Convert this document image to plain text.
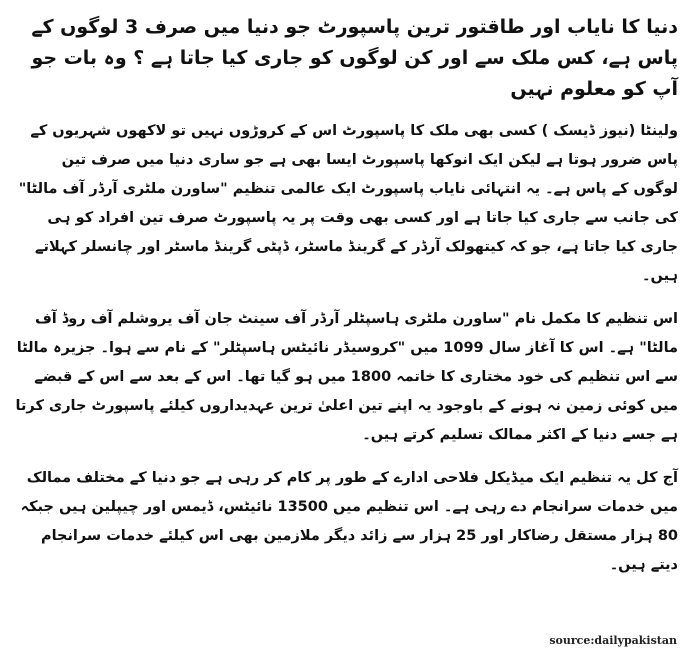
دنیا کا نایاب اور طاقتور ترین پاسپورٹ جو دنیا میں صرف 3 لوگوں کے پاس ہے، کس ملک سے اور کن لوگوں کو جاری کیا جاتا ہے ؟ وہ بات جو آپ کو معلوم نہیں

ولینٹا (نیوز ڈیسک ) کسی بھی ملک کا پاسپورٹ اس کے کروڑوں نہیں تو لاکھوں شہریوں کے پاس ضرور ہوتا ہے لیکن ایک انوکھا پاسپورٹ ایسا بھی ہے جو ساری دنیا میں صرف تین لوگوں کے پاس ہے۔ یہ انتہائی نایاب پاسپورٹ ایک عالمی تنظیم "ساورن ملٹری آرڈر آف مالٹا" کی جانب سے جاری کیا جاتا ہے اور کسی بھی وقت پر یہ پاسپورٹ صرف تین افراد کو ہی جاری کیا جاتا ہے، جو کہ کیتھولک آرڈر کے گرینڈ ماسٹر، ڈپٹی گرینڈ ماسٹر اور چانسلر کہلاتے ہیں۔

اس تنظیم کا مکمل نام "ساورن ملٹری ہاسپٹلر آرڈر آف سینٹ جان آف یروشلم آف روڈ آف مالٹا" ہے۔ اس کا آغاز سال 1099 میں "کروسیڈر نائیٹس ہاسپٹلر" کے نام سے ہوا۔ جزیرہ مالٹا سے اس تنظیم کی خود مختاری کا خاتمہ 1800 میں ہو گیا تھا۔ اس کے بعد سے اس کے قبضے میں کوئی زمین نہ ہونے کے باوجود یہ اپنے تین اعلیٰ ترین عہدیداروں کیلئے پاسپورٹ جاری کرتا ہے جسے دنیا کے اکثر ممالک تسلیم کرتے ہیں۔

آج کل یہ تنظیم ایک میڈیکل فلاحی ادارے کے طور پر کام کر رہی ہے جو دنیا کے مختلف ممالک میں خدمات سرانجام دے رہی ہے۔ اس تنظیم میں 13500 نائیٹس، ڈیمس اور چیپلین ہیں جبکہ 80 ہزار مستقل رضاکار اور 25 ہزار سے زائد دیگر ملازمین بھی اس کیلئے خدمات سرانجام دیتے ہیں۔

source:dailypakistan
